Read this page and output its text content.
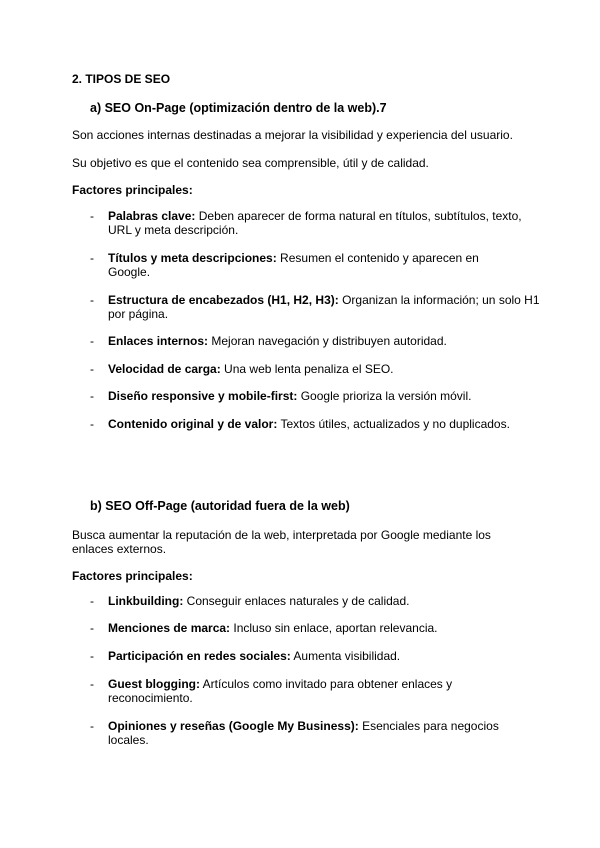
2. TIPOS DE SEO
a) SEO On-Page (optimización dentro de la web).7
Son acciones internas destinadas a mejorar la visibilidad y experiencia del usuario.
Su objetivo es que el contenido sea comprensible, útil y de calidad.
Factores principales:
- Palabras clave: Deben aparecer de forma natural en títulos, subtítulos, texto, URL y meta descripción.
- Títulos y meta descripciones: Resumen el contenido y aparecen en Google.
- Estructura de encabezados (H1, H2, H3): Organizan la información; un solo H1 por página.
- Enlaces internos: Mejoran navegación y distribuyen autoridad.
- Velocidad de carga: Una web lenta penaliza el SEO.
- Diseño responsive y mobile-first: Google prioriza la versión móvil.
- Contenido original y de valor: Textos útiles, actualizados y no duplicados.
b) SEO Off-Page (autoridad fuera de la web)
Busca aumentar la reputación de la web, interpretada por Google mediante los enlaces externos.
Factores principales:
- Linkbuilding: Conseguir enlaces naturales y de calidad.
- Menciones de marca: Incluso sin enlace, aportan relevancia.
- Participación en redes sociales: Aumenta visibilidad.
- Guest blogging: Artículos como invitado para obtener enlaces y reconocimiento.
- Opiniones y reseñas (Google My Business): Esenciales para negocios locales.
